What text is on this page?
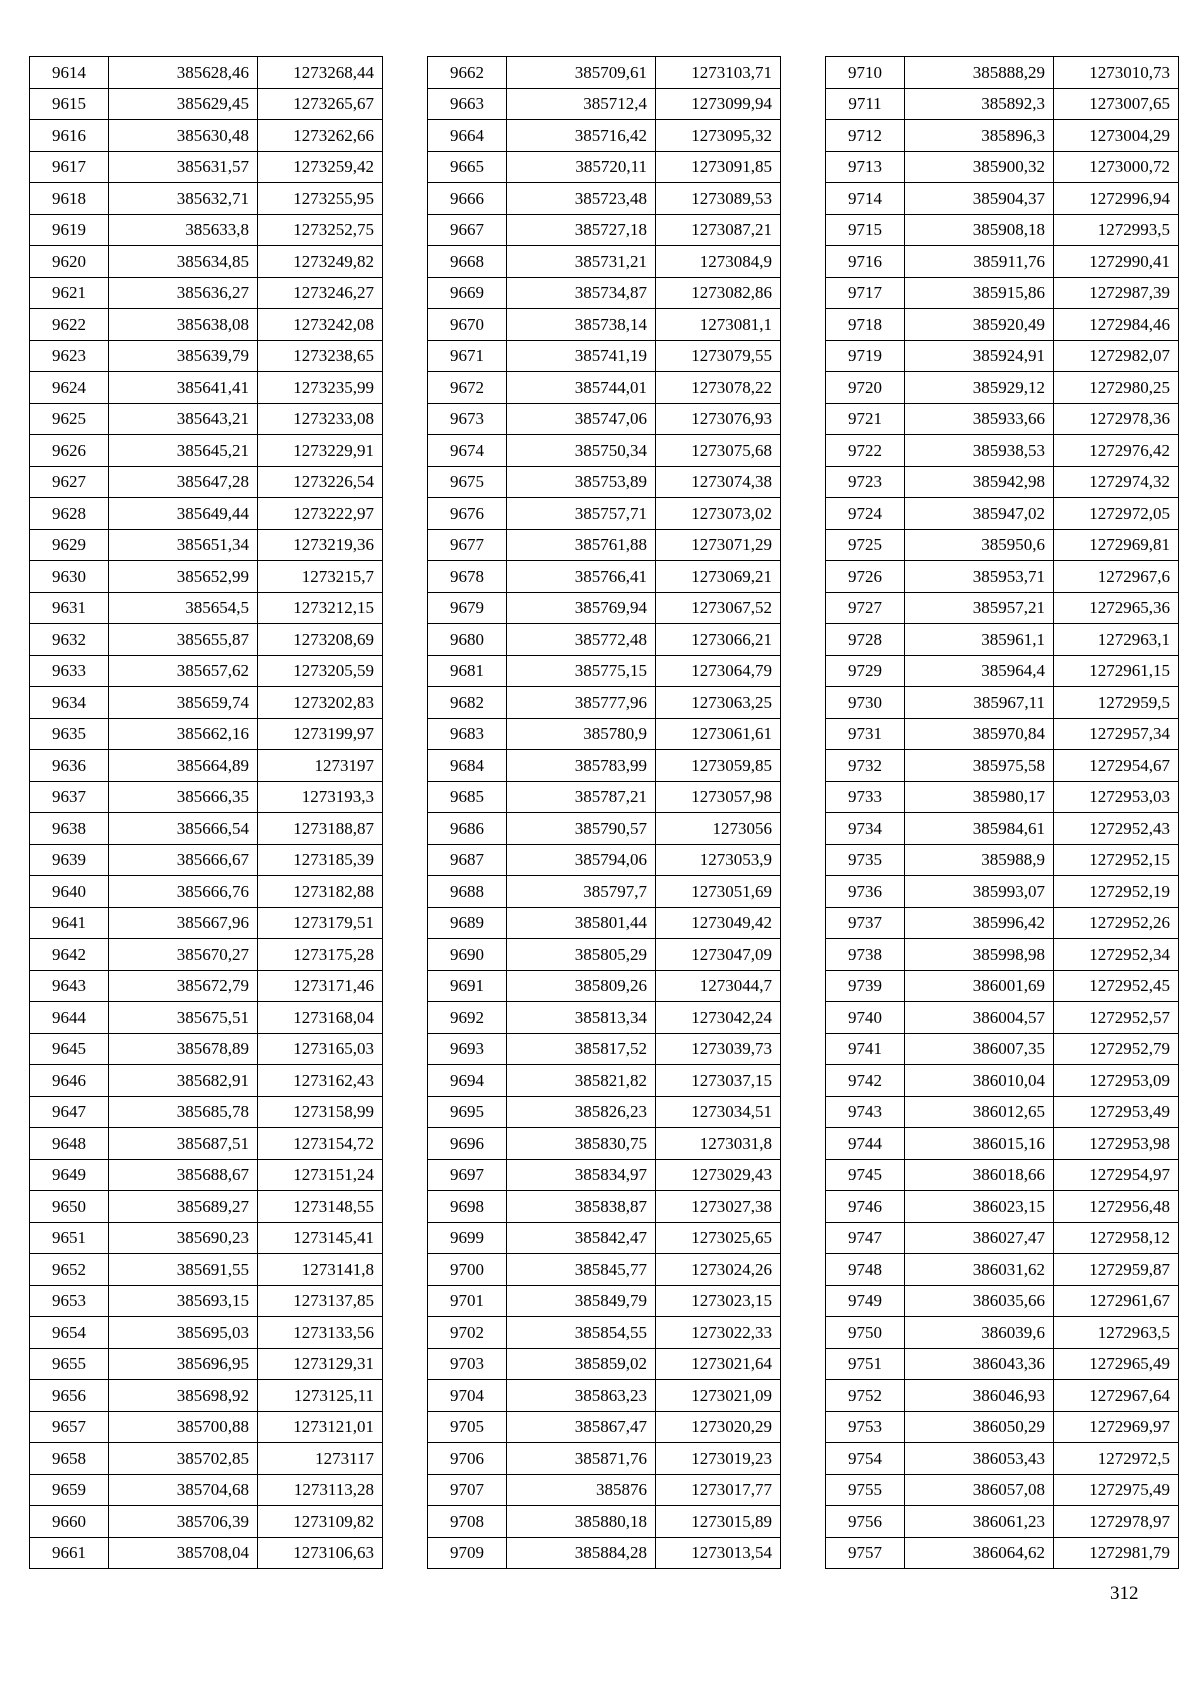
9614	385628,46	1273268,44
9615	385629,45	1273265,67
9616	385630,48	1273262,66
9617	385631,57	1273259,42
9618	385632,71	1273255,95
9619	385633,8	1273252,75
9620	385634,85	1273249,82
9621	385636,27	1273246,27
9622	385638,08	1273242,08
9623	385639,79	1273238,65
9624	385641,41	1273235,99
9625	385643,21	1273233,08
9626	385645,21	1273229,91
9627	385647,28	1273226,54
9628	385649,44	1273222,97
9629	385651,34	1273219,36
9630	385652,99	1273215,7
9631	385654,5	1273212,15
9632	385655,87	1273208,69
9633	385657,62	1273205,59
9634	385659,74	1273202,83
9635	385662,16	1273199,97
9636	385664,89	1273197
9637	385666,35	1273193,3
9638	385666,54	1273188,87
9639	385666,67	1273185,39
9640	385666,76	1273182,88
9641	385667,96	1273179,51
9642	385670,27	1273175,28
9643	385672,79	1273171,46
9644	385675,51	1273168,04
9645	385678,89	1273165,03
9646	385682,91	1273162,43
9647	385685,78	1273158,99
9648	385687,51	1273154,72
9649	385688,67	1273151,24
9650	385689,27	1273148,55
9651	385690,23	1273145,41
9652	385691,55	1273141,8
9653	385693,15	1273137,85
9654	385695,03	1273133,56
9655	385696,95	1273129,31
9656	385698,92	1273125,11
9657	385700,88	1273121,01
9658	385702,85	1273117
9659	385704,68	1273113,28
9660	385706,39	1273109,82
9661	385708,04	1273106,63
9662	385709,61	1273103,71
9663	385712,4	1273099,94
9664	385716,42	1273095,32
9665	385720,11	1273091,85
9666	385723,48	1273089,53
9667	385727,18	1273087,21
9668	385731,21	1273084,9
9669	385734,87	1273082,86
9670	385738,14	1273081,1
9671	385741,19	1273079,55
9672	385744,01	1273078,22
9673	385747,06	1273076,93
9674	385750,34	1273075,68
9675	385753,89	1273074,38
9676	385757,71	1273073,02
9677	385761,88	1273071,29
9678	385766,41	1273069,21
9679	385769,94	1273067,52
9680	385772,48	1273066,21
9681	385775,15	1273064,79
9682	385777,96	1273063,25
9683	385780,9	1273061,61
9684	385783,99	1273059,85
9685	385787,21	1273057,98
9686	385790,57	1273056
9687	385794,06	1273053,9
9688	385797,7	1273051,69
9689	385801,44	1273049,42
9690	385805,29	1273047,09
9691	385809,26	1273044,7
9692	385813,34	1273042,24
9693	385817,52	1273039,73
9694	385821,82	1273037,15
9695	385826,23	1273034,51
9696	385830,75	1273031,8
9697	385834,97	1273029,43
9698	385838,87	1273027,38
9699	385842,47	1273025,65
9700	385845,77	1273024,26
9701	385849,79	1273023,15
9702	385854,55	1273022,33
9703	385859,02	1273021,64
9704	385863,23	1273021,09
9705	385867,47	1273020,29
9706	385871,76	1273019,23
9707	385876	1273017,77
9708	385880,18	1273015,89
9709	385884,28	1273013,54
9710	385888,29	1273010,73
9711	385892,3	1273007,65
9712	385896,3	1273004,29
9713	385900,32	1273000,72
9714	385904,37	1272996,94
9715	385908,18	1272993,5
9716	385911,76	1272990,41
9717	385915,86	1272987,39
9718	385920,49	1272984,46
9719	385924,91	1272982,07
9720	385929,12	1272980,25
9721	385933,66	1272978,36
9722	385938,53	1272976,42
9723	385942,98	1272974,32
9724	385947,02	1272972,05
9725	385950,6	1272969,81
9726	385953,71	1272967,6
9727	385957,21	1272965,36
9728	385961,1	1272963,1
9729	385964,4	1272961,15
9730	385967,11	1272959,5
9731	385970,84	1272957,34
9732	385975,58	1272954,67
9733	385980,17	1272953,03
9734	385984,61	1272952,43
9735	385988,9	1272952,15
9736	385993,07	1272952,19
9737	385996,42	1272952,26
9738	385998,98	1272952,34
9739	386001,69	1272952,45
9740	386004,57	1272952,57
9741	386007,35	1272952,79
9742	386010,04	1272953,09
9743	386012,65	1272953,49
9744	386015,16	1272953,98
9745	386018,66	1272954,97
9746	386023,15	1272956,48
9747	386027,47	1272958,12
9748	386031,62	1272959,87
9749	386035,66	1272961,67
9750	386039,6	1272963,5
9751	386043,36	1272965,49
9752	386046,93	1272967,64
9753	386050,29	1272969,97
9754	386053,43	1272972,5
9755	386057,08	1272975,49
9756	386061,23	1272978,97
9757	386064,62	1272981,79
312
